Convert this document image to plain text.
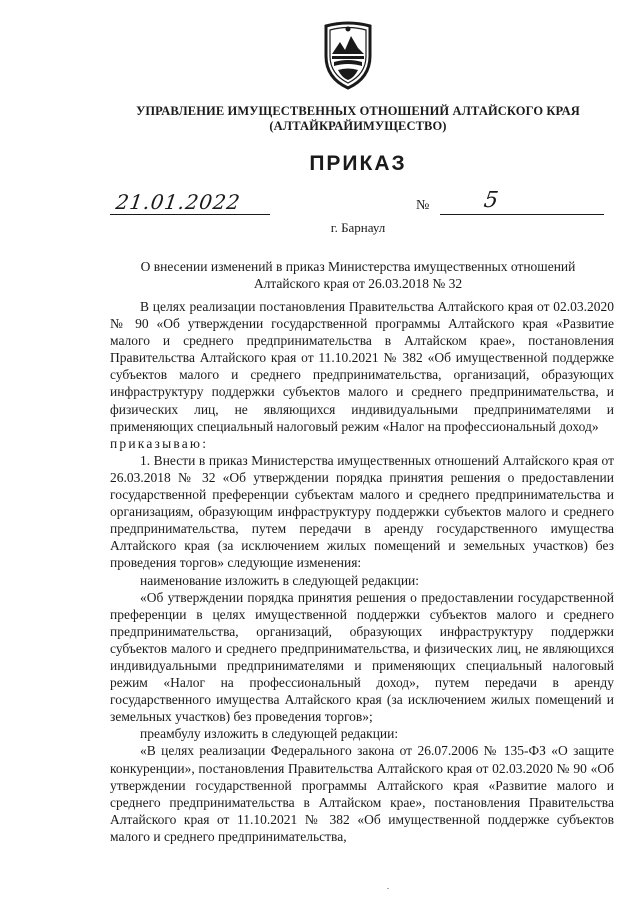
УПРАВЛЕНИЕ ИМУЩЕСТВЕННЫХ ОТНОШЕНИЙ АЛТАЙСКОГО КРАЯ
(АЛТАЙКРАЙИМУЩЕСТВО)
ПРИКАЗ
21.01.2022	№ 5
г. Барнаул
О внесении изменений в приказ Министерства имущественных отношений
Алтайского края от 26.03.2018 № 32

В целях реализации постановления Правительства Алтайского края от 02.03.2020 № 90 «Об утверждении государственной программы Алтайского края «Развитие малого и среднего предпринимательства в Алтайском крае», постановления Правительства Алтайского края от 11.10.2021 № 382 «Об имущественной поддержке субъектов малого и среднего предпринимательства, организаций, образующих инфраструктуру поддержки субъектов малого и среднего предпринимательства, и физических лиц, не являющихся индивидуальными предпринимателями и применяющих специальный налоговый режим «Налог на профессиональный доход»

приказываю:

1. Внести в приказ Министерства имущественных отношений Алтайского края от 26.03.2018 № 32 «Об утверждении порядка принятия решения о предоставлении государственной преференции субъектам малого и среднего предпринимательства и организациям, образующим инфраструктуру поддержки субъектов малого и среднего предпринимательства, путем передачи в аренду государственного имущества Алтайского края (за исключением жилых помещений и земельных участков) без проведения торгов» следующие изменения:

наименование изложить в следующей редакции:

«Об утверждении порядка принятия решения о предоставлении государственной преференции в целях имущественной поддержки субъектов малого и среднего предпринимательства, организаций, образующих инфраструктуру поддержки субъектов малого и среднего предпринимательства, и физических лиц, не являющихся индивидуальными предпринимателями и применяющих специальный налоговый режим «Налог на профессиональный доход», путем передачи в аренду государственного имущества Алтайского края (за исключением жилых помещений и земельных участков) без проведения торгов»;

преамбулу изложить в следующей редакции:

«В целях реализации Федерального закона от 26.07.2006 № 135-ФЗ «О защите конкуренции», постановления Правительства Алтайского края от 02.03.2020 № 90 «Об утверждении государственной программы Алтайского края «Развитие малого и среднего предпринимательства в Алтайском крае», постановления Правительства Алтайского края от 11.10.2021 № 382 «Об имущественной поддержке субъектов малого и среднего предпринимательства,

.
